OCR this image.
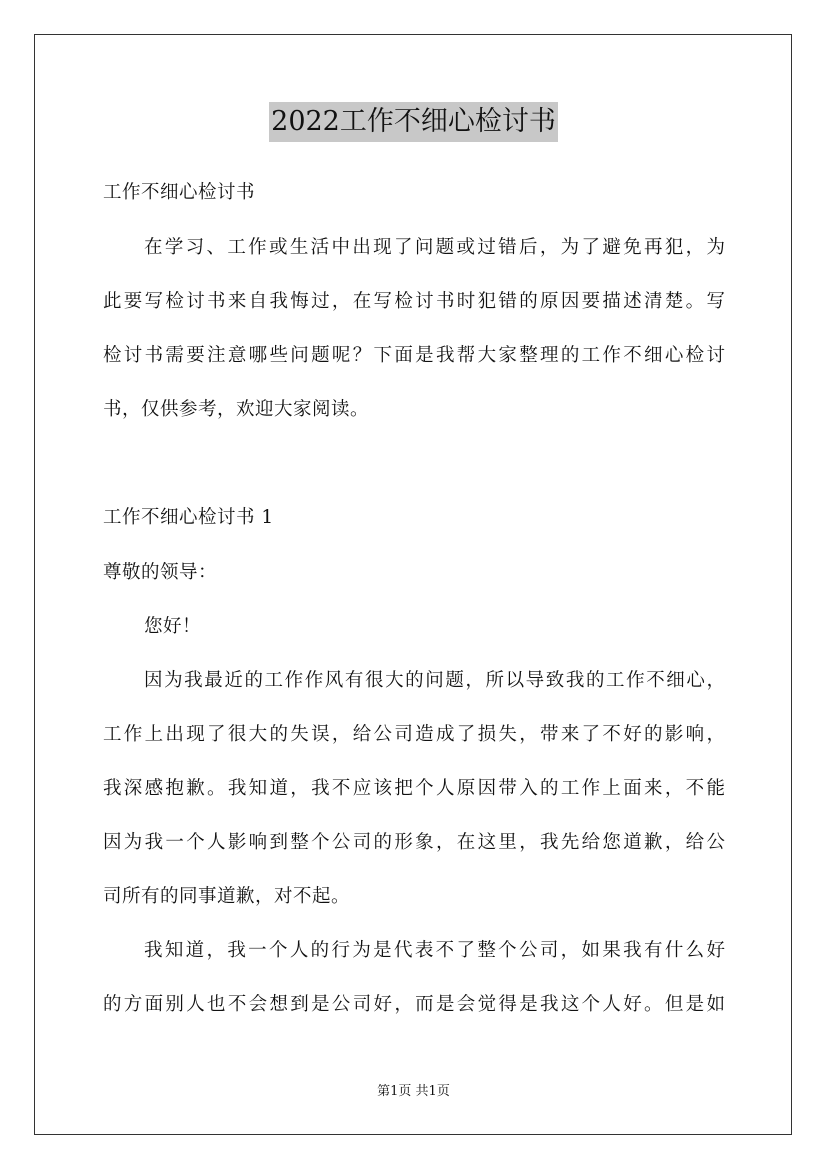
2022工作不细心检讨书
工作不细心检讨书
在学习、工作或生活中出现了问题或过错后，为了避免再犯，为
此要写检讨书来自我悔过，在写检讨书时犯错的原因要描述清楚。写
检讨书需要注意哪些问题呢？下面是我帮大家整理的工作不细心检讨
书，仅供参考，欢迎大家阅读。
工作不细心检讨书 1
尊敬的领导：
您好！
因为我最近的工作作风有很大的问题，所以导致我的工作不细心，
工作上出现了很大的失误，给公司造成了损失，带来了不好的影响，
我深感抱歉。我知道，我不应该把个人原因带入的工作上面来，不能
因为我一个人影响到整个公司的形象，在这里，我先给您道歉，给公
司所有的同事道歉，对不起。
我知道，我一个人的行为是代表不了整个公司，如果我有什么好
的方面别人也不会想到是公司好，而是会觉得是我这个人好。但是如
第1页 共1页
